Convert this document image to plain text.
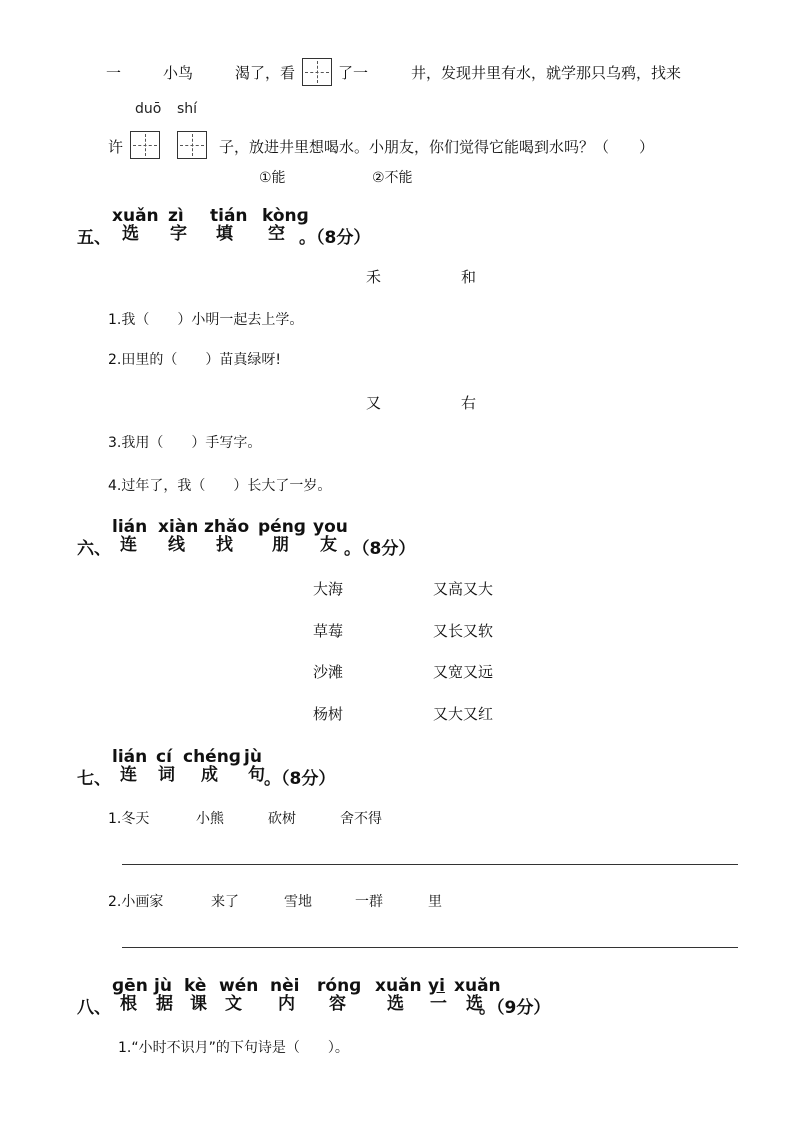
一	小鸟	渴了，看	了一	井，发现井里有水，就学那只乌鸦，找来
duō shí
许	子，放进井里想喝水。小朋友，你们觉得它能喝到水吗？（　　）
①能	②不能
五、
xuǎn
选
zì
字
tián
填
kònɡ
空 。（8分）
禾	和
1.我（　　）小明一起去上学。
2.田里的（　　）苗真绿呀!
又	右
3.我用（　　）手写字。
4.过年了，我（　　）长大了一岁。
六、
lián
连
xiàn
线
zhǎo
找
pénɡ
朋
you
友 。（8分）
大海	又高又大
草莓	又长又软
沙滩	又宽又远
杨树	又大又红
七、
lián
连
cí
词
chénɡ
成
jù
句 。（8分）
1.冬天	小熊	砍树	舍不得
2.小画家	来了	雪地	一群	里
八、
ɡēn
根
jù
据
kè
课
wén
文
nèi
内
rónɡ
容
xuǎn
选
yi
一
xuǎn
选
。（9分）
1.“小时不识月”的下句诗是（　　）。
